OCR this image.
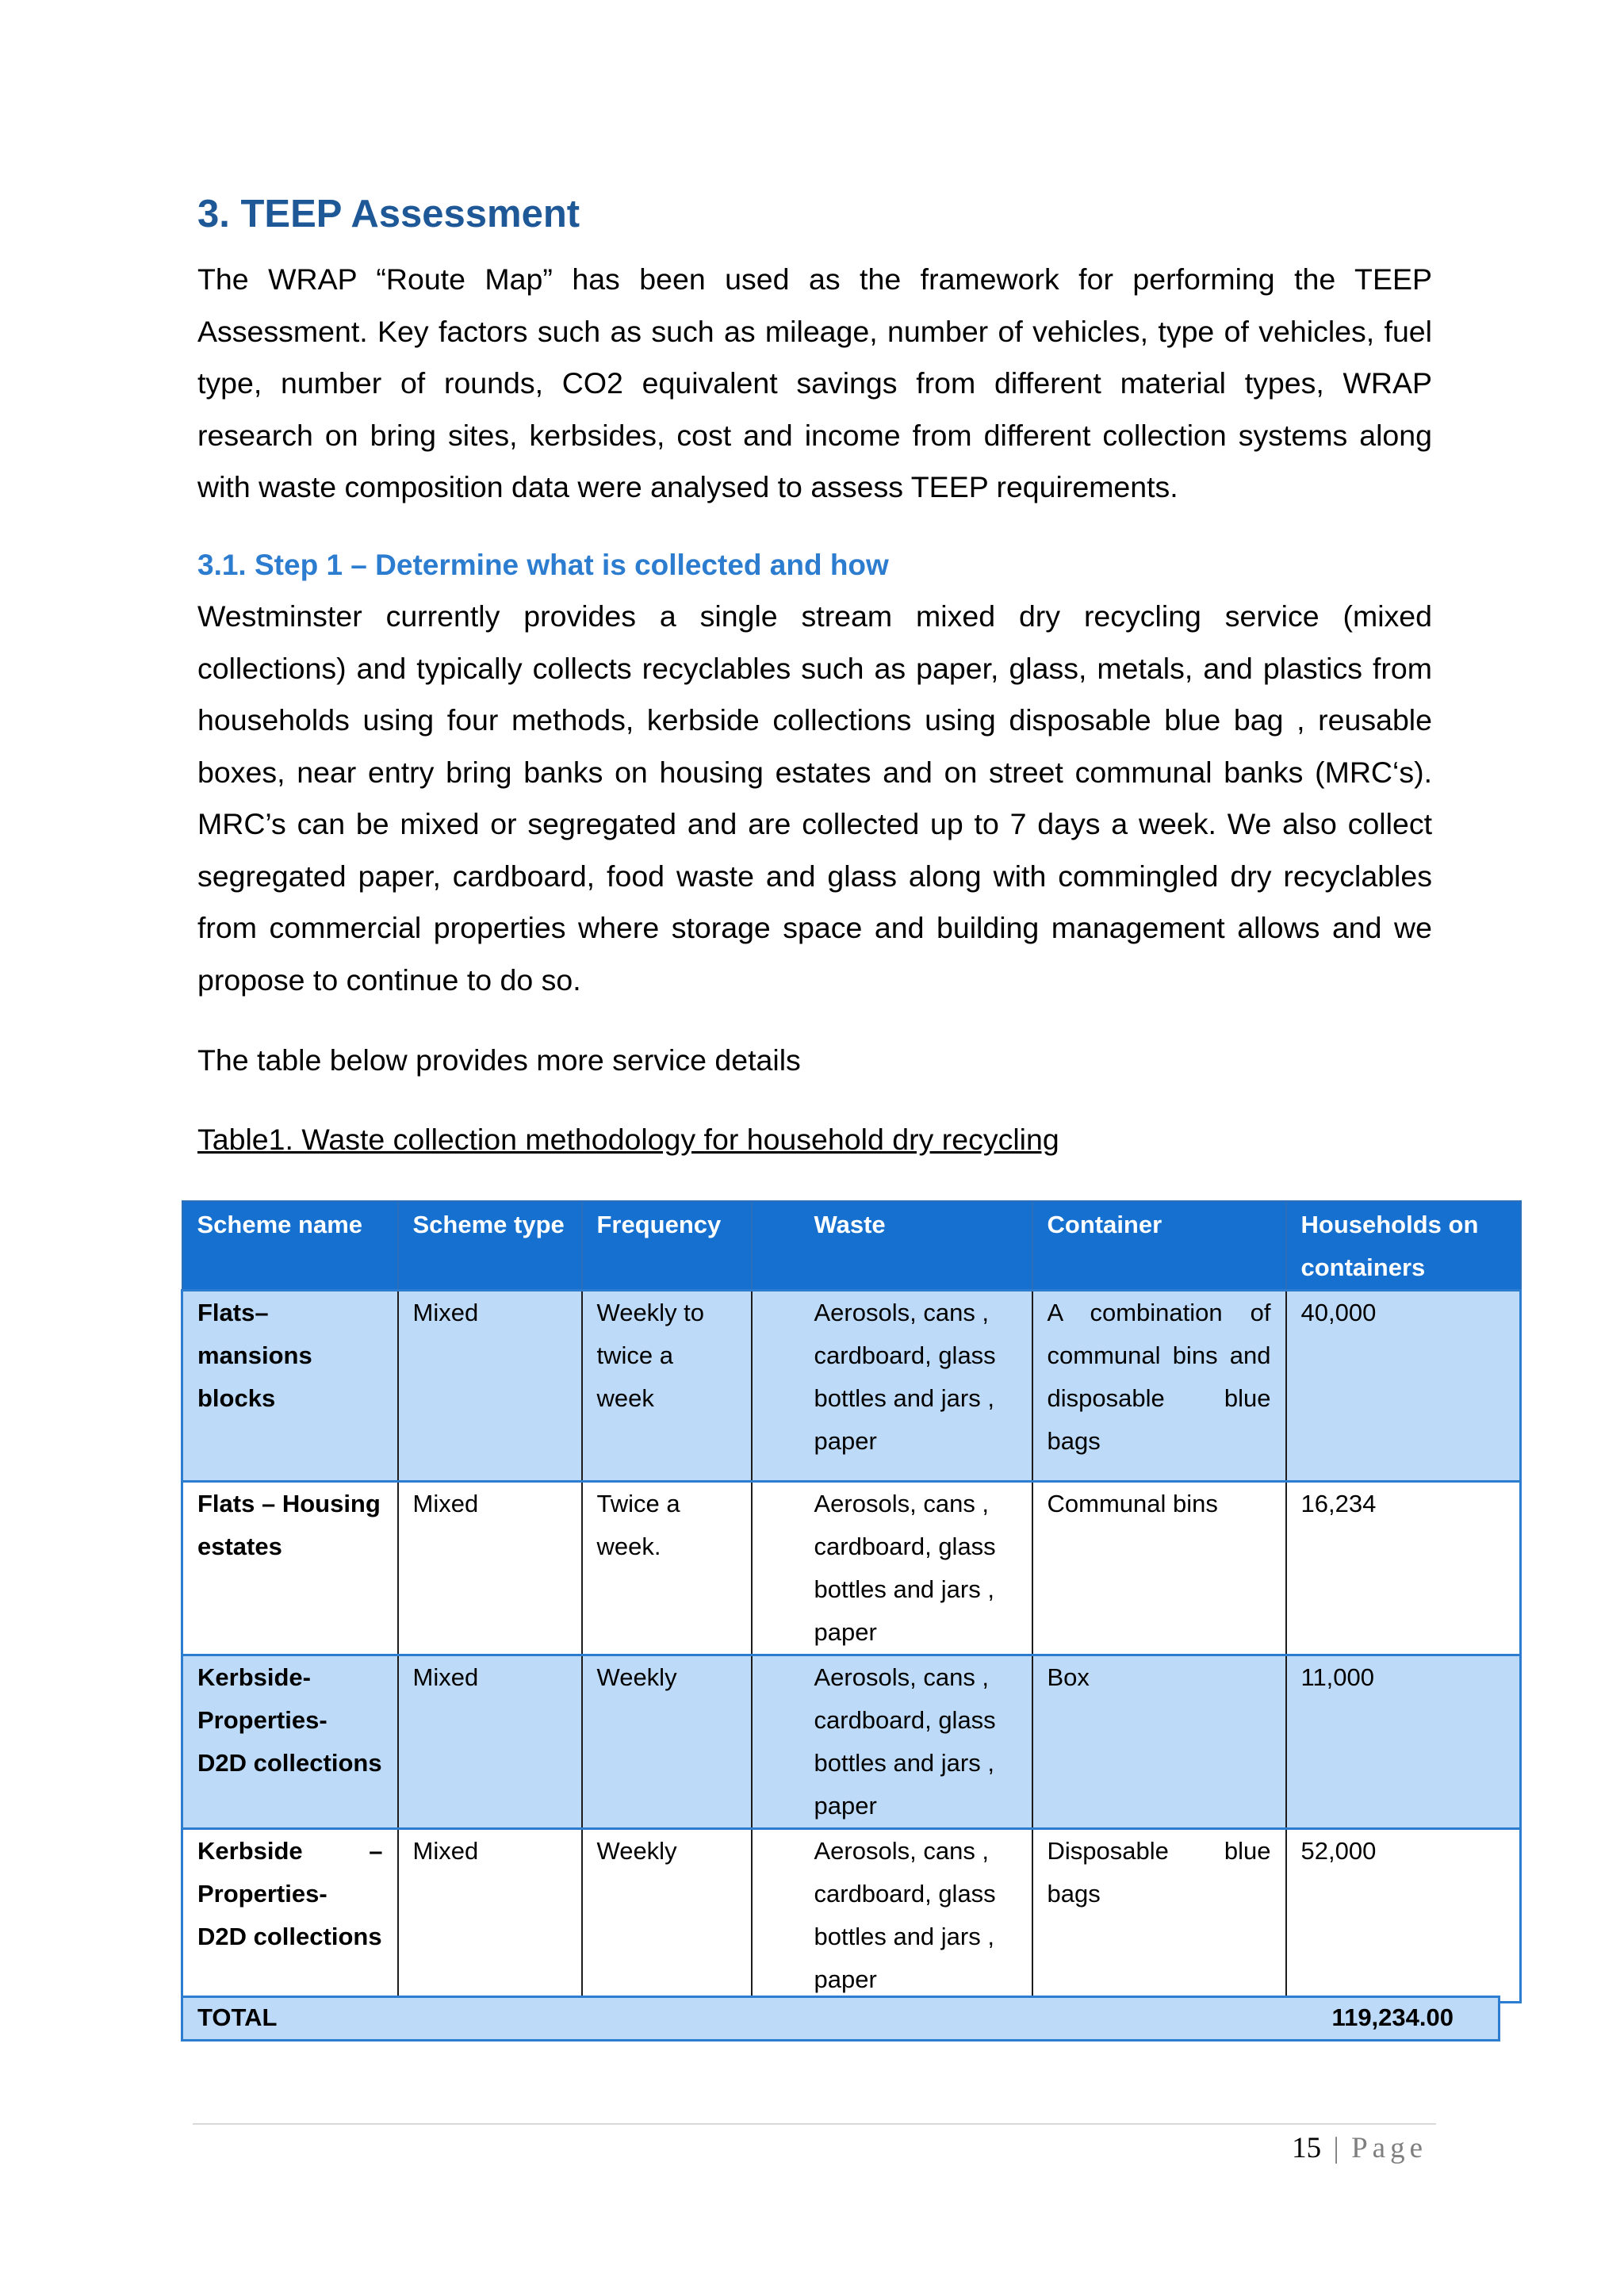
3. TEEP Assessment

The WRAP “Route Map” has been used as the framework for performing the TEEP Assessment. Key factors such as such as mileage, number of vehicles, type of vehicles, fuel type, number of rounds, CO2 equivalent savings from different material types, WRAP research on bring sites, kerbsides, cost and income from different collection systems along with waste composition data were analysed to assess TEEP requirements.

3.1. Step 1 – Determine what is collected and how

Westminster currently provides a single stream mixed dry recycling service (mixed collections) and typically collects recyclables such as paper, glass, metals, and plastics from households using four methods, kerbside collections using disposable blue bag , reusable boxes, near entry bring banks on housing estates and on street communal banks (MRC‘s). MRC’s can be mixed or segregated and are collected up to 7 days a week. We also collect segregated paper, cardboard, food waste and glass along with commingled dry recyclables from commercial properties where storage space and building management allows and we propose to continue to do so.

The table below provides more service details

Table1. Waste collection methodology for household dry recycling

Scheme name	Scheme type	Frequency	Waste	Container	Households on containers
Flats– mansions blocks	Mixed	Weekly to twice a week	Aerosols, cans , cardboard, glass bottles and jars , paper	A combination of communal bins and disposable blue bags	40,000
Flats – Housing estates	Mixed	Twice a week.	Aerosols, cans , cardboard, glass bottles and jars , paper	Communal bins	16,234
Kerbside- Properties- D2D collections	Mixed	Weekly	Aerosols, cans , cardboard, glass bottles and jars , paper	Box	11,000
Kerbside – Properties- D2D collections	Mixed	Weekly	Aerosols, cans , cardboard, glass bottles and jars , paper	Disposable blue bags	52,000
TOTAL	119,234.00
15 | Page
